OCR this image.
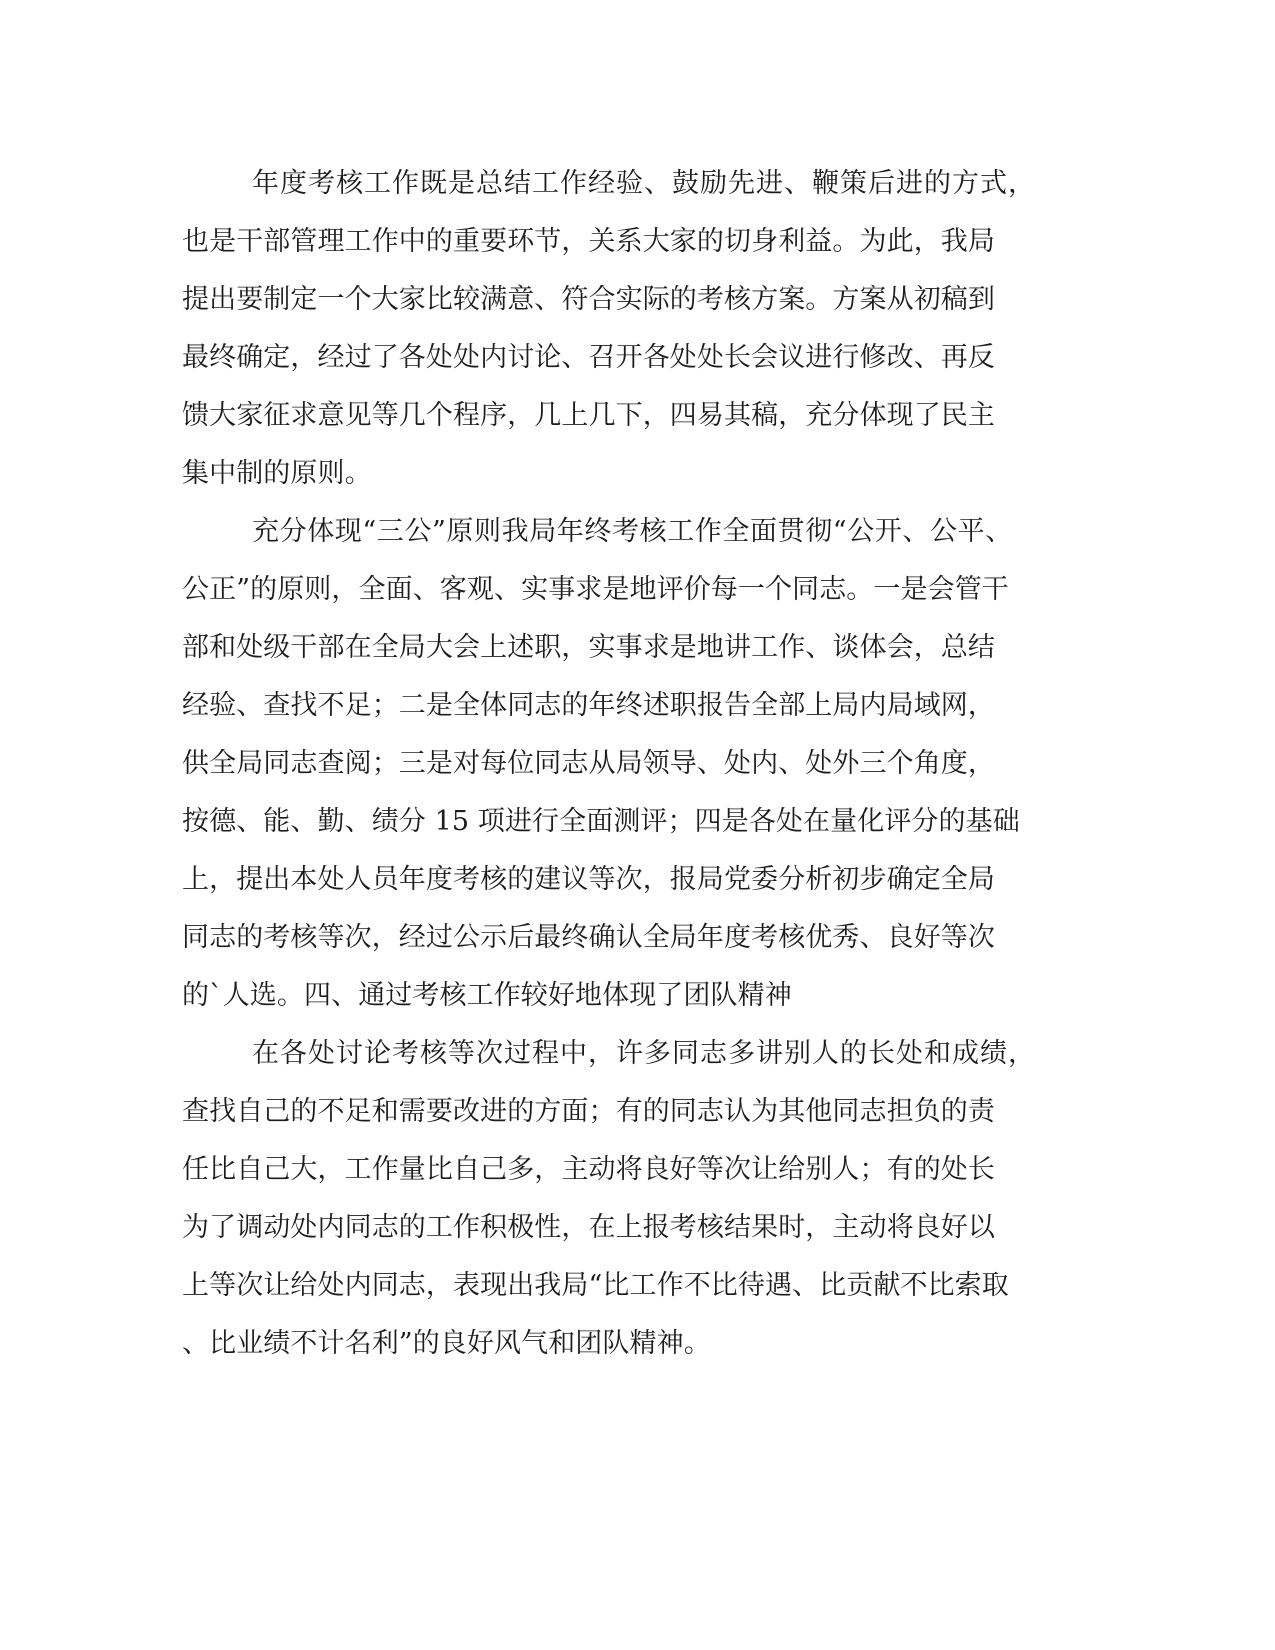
年度考核工作既是总结工作经验、鼓励先进、鞭策后进的方式，
也是干部管理工作中的重要环节，关系大家的切身利益。为此，我局
提出要制定一个大家比较满意、符合实际的考核方案。方案从初稿到
最终确定，经过了各处处内讨论、召开各处处长会议进行修改、再反
馈大家征求意见等几个程序，几上几下，四易其稿，充分体现了民主
集中制的原则。
充分体现“三公”原则我局年终考核工作全面贯彻“公开、公平、
公正”的原则，全面、客观、实事求是地评价每一个同志。一是会管干
部和处级干部在全局大会上述职，实事求是地讲工作、谈体会，总结
经验、查找不足；二是全体同志的年终述职报告全部上局内局域网，
供全局同志查阅；三是对每位同志从局领导、处内、处外三个角度，
按德、能、勤、绩分 15 项进行全面测评；四是各处在量化评分的基础
上，提出本处人员年度考核的建议等次，报局党委分析初步确定全局
同志的考核等次，经过公示后最终确认全局年度考核优秀、良好等次
的`人选。四、通过考核工作较好地体现了团队精神
在各处讨论考核等次过程中，许多同志多讲别人的长处和成绩，
查找自己的不足和需要改进的方面；有的同志认为其他同志担负的责
任比自己大，工作量比自己多，主动将良好等次让给别人；有的处长
为了调动处内同志的工作积极性，在上报考核结果时，主动将良好以
上等次让给处内同志，表现出我局“比工作不比待遇、比贡献不比索取
、比业绩不计名利”的良好风气和团队精神。
